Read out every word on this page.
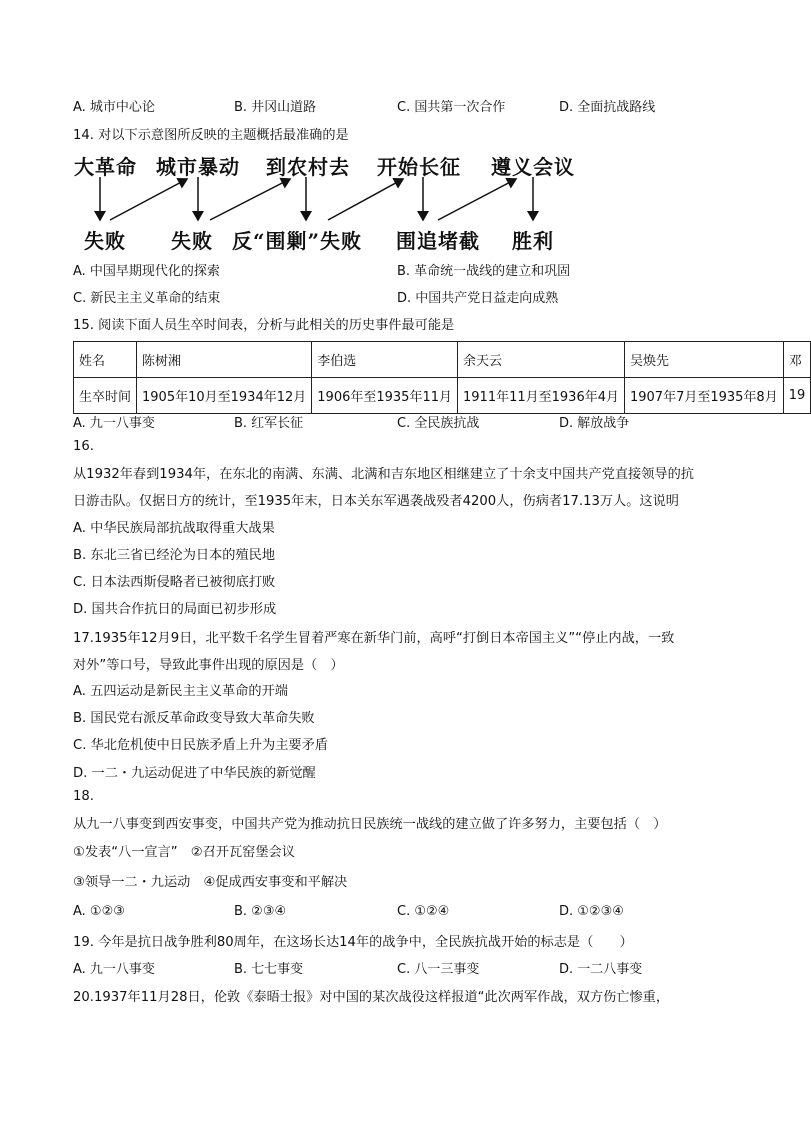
A. 城市中心论	B. 井冈山道路	C. 国共第一次合作	D. 全面抗战路线
14. 对以下示意图所反映的主题概括最准确的是
大革命 城市暴动 到农村去 开始长征 遵义会议
失败 失败 反“围剿”失败 围追堵截 胜利
A. 中国早期现代化的探索	B. 革命统一战线的建立和巩固
C. 新民主主义革命的结束	D. 中国共产党日益走向成熟
15. 阅读下面人员生卒时间表，分析与此相关的历史事件最可能是
姓名	陈树湘	李伯选	余天云	吴焕先	邓
生卒时间	1905年10月至1934年12月	1906年至1935年11月	1911年11月至1936年4月	1907年7月至1935年8月	19
A. 九一八事变	B. 红军长征	C. 全民族抗战	D. 解放战争
16.
从1932年春到1934年，在东北的南满、东满、北满和吉东地区相继建立了十余支中国共产党直接领导的抗
日游击队。仅据日方的统计，至1935年末，日本关东军遇袭战殁者4200人，伤病者17.13万人。这说明
A. 中华民族局部抗战取得重大战果
B. 东北三省已经沦为日本的殖民地
C. 日本法西斯侵略者已被彻底打败
D. 国共合作抗日的局面已初步形成
17.1935年12月9日，北平数千名学生冒着严寒在新华门前，高呼“打倒日本帝国主义”“停止内战，一致
对外”等口号，导致此事件出现的原因是（　）
A. 五四运动是新民主主义革命的开端
B. 国民党右派反革命政变导致大革命失败
C. 华北危机使中日民族矛盾上升为主要矛盾
D. 一二・九运动促进了中华民族的新觉醒
18.
从九一八事变到西安事变，中国共产党为推动抗日民族统一战线的建立做了许多努力，主要包括（　）
①发表“八一宣言”　②召开瓦窑堡会议
③领导一二・九运动　④促成西安事变和平解决
A. ①②③	B. ②③④	C. ①②④	D. ①②③④
19. 今年是抗日战争胜利80周年，在这场长达14年的战争中，全民族抗战开始的标志是（　　）
A. 九一八事变	B. 七七事变	C. 八一三事变	D. 一二八事变
20.1937年11月28日，伦敦《泰晤士报》对中国的某次战役这样报道“此次两军作战，双方伤亡惨重，
